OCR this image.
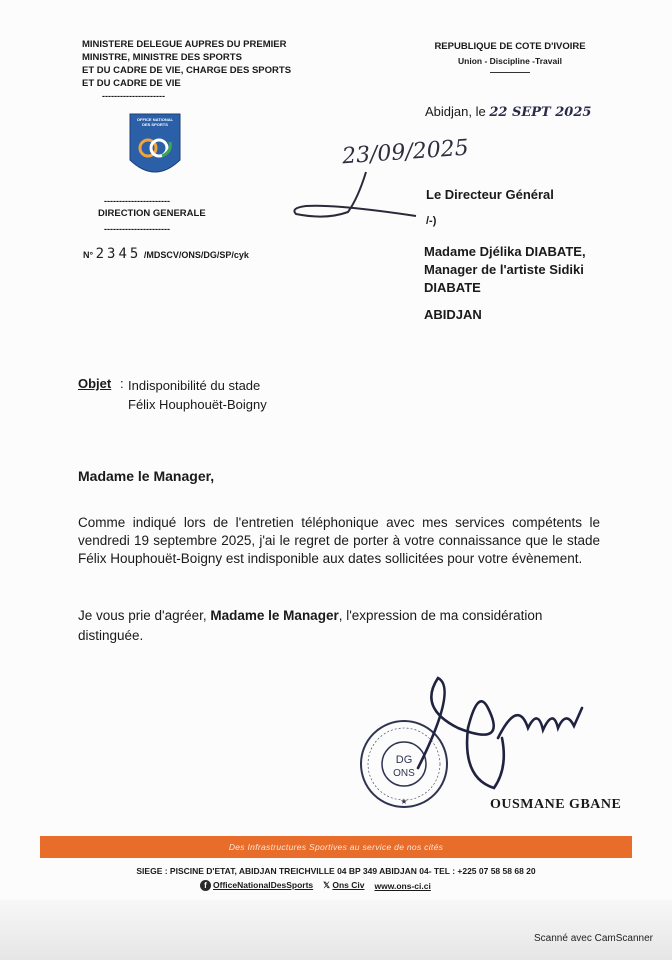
MINISTERE DELEGUE AUPRES DU PREMIER
MINISTRE, MINISTRE DES SPORTS
ET DU CADRE DE VIE, CHARGE DES SPORTS
ET DU CADRE DE VIE
---------------------
OFFICE NATIONAL
DES SPORTS
----------------------
DIRECTION GENERALE
----------------------
N° 2345 /MDSCV/ONS/DG/SP/cyk
REPUBLIQUE DE COTE D'IVOIRE
Union - Discipline -Travail
Abidjan, le 22 SEPT 2025
23/09/2025
Le Directeur Général
/-)
Madame Djélika DIABATE,
Manager de l'artiste Sidiki
DIABATE
ABIDJAN
Objet : Indisponibilité du stade
Félix Houphouët-Boigny
Madame le Manager,
Comme indiqué lors de l'entretien téléphonique avec mes services compétents le vendredi 19 septembre 2025, j'ai le regret de porter à votre connaissance que le stade Félix Houphouët-Boigny est indisponible aux dates sollicitées pour votre évènement.
Je vous prie d'agréer, Madame le Manager, l'expression de ma considération distinguée.
DG
ONS
★	OUSMANE GBANE
Des Infrastructures Sportives au service de nos cités
SIEGE : PISCINE D'ETAT, ABIDJAN TREICHVILLE 04 BP 349 ABIDJAN 04- TEL : +225 07 58 58 68 20
f OfficeNationalDesSports 𝕏 Ons Civ www.ons-ci.ci
Scanné avec CamScanner
